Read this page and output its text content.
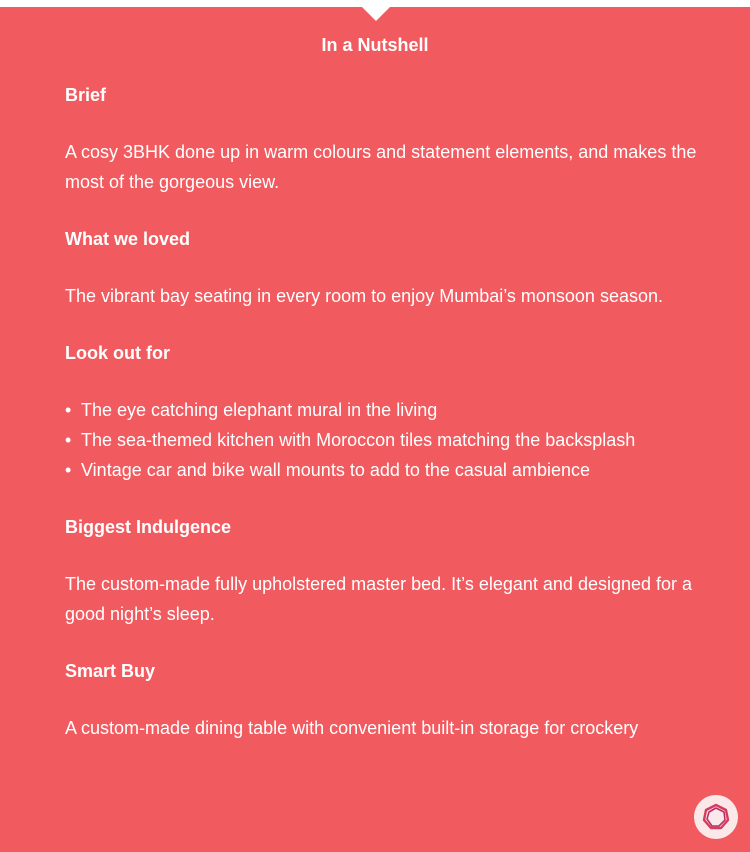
In a Nutshell
Brief

A cosy 3BHK done up in warm colours and statement elements, and makes the most of the gorgeous view.

What we loved

The vibrant bay seating in every room to enjoy Mumbai’s monsoon season.

Look out for
• The eye catching elephant mural in the living
• The sea-themed kitchen with Moroccon tiles matching the backsplash
• Vintage car and bike wall mounts to add to the casual ambience
Biggest Indulgence

The custom-made fully upholstered master bed. It’s elegant and designed for a good night’s sleep.

Smart Buy

A custom-made dining table with convenient built-in storage for crockery
